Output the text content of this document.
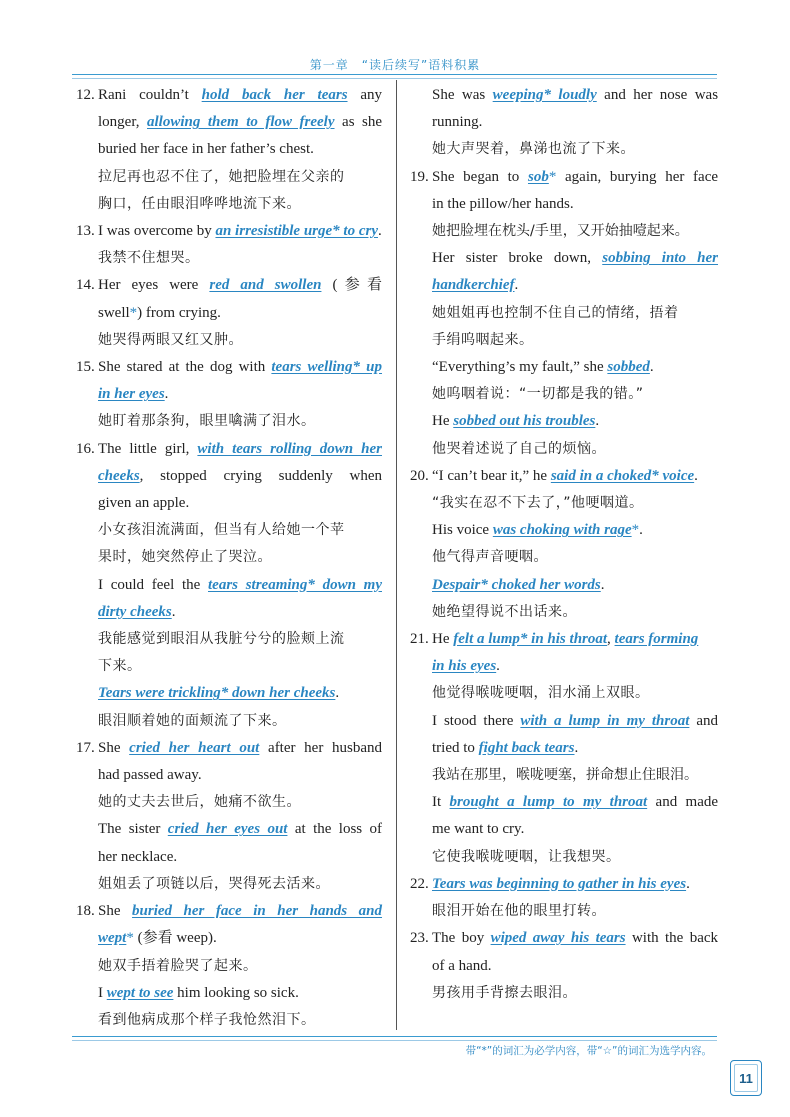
第一章　“读后续写”语料积累
12. Rani couldn’t hold back her tears any
longer, allowing them to flow freely as she
buried her face in her father’s chest.
拉尼再也忍不住了，她把脸埋在父亲的
胸口，任由眼泪哗哗地流下来。
13. I was overcome by an irresistible urge* to cry.
我禁不住想哭。
14. Her eyes were red and swollen (参看
swell*) from crying.
她哭得两眼又红又肿。
15. She stared at the dog with tears welling* up
in her eyes.
她盯着那条狗，眼里噙满了泪水。
16. The little girl, with tears rolling down her
cheeks, stopped crying suddenly when
given an apple.
小女孩泪流满面，但当有人给她一个苹
果时，她突然停止了哭泣。
I could feel the tears streaming* down my
dirty cheeks.
我能感觉到眼泪从我脏兮兮的脸颊上流
下来。
Tears were trickling* down her cheeks.
眼泪顺着她的面颊流了下来。
17. She cried her heart out after her husband
had passed away.
她的丈夫去世后，她痛不欲生。
The sister cried her eyes out at the loss of
her necklace.
姐姐丢了项链以后，哭得死去活来。
18. She buried her face in her hands and
wept* (参看 weep).
她双手捂着脸哭了起来。
I wept to see him looking so sick.
看到他病成那个样子我怆然泪下。
She was weeping* loudly and her nose was
running.
她大声哭着，鼻涕也流了下来。
19. She began to sob* again, burying her face
in the pillow/her hands.
她把脸埋在枕头/手里，又开始抽噎起来。
Her sister broke down, sobbing into her
handkerchief.
她姐姐再也控制不住自己的情绪，捂着
手绢呜咽起来。
“Everything’s my fault,” she sobbed.
她呜咽着说：“一切都是我的错。”
He sobbed out his troubles.
他哭着述说了自己的烦恼。
20. “I can’t bear it,” he said in a choked* voice.
“我实在忍不下去了，”他哽咽道。
His voice was choking with rage*.
他气得声音哽咽。
Despair* choked her words.
她绝望得说不出话来。
21. He felt a lump* in his throat, tears forming
in his eyes.
他觉得喉咙哽咽，泪水涌上双眼。
I stood there with a lump in my throat and
tried to fight back tears.
我站在那里，喉咙哽塞，拼命想止住眼泪。
It brought a lump to my throat and made
me want to cry.
它使我喉咙哽咽，让我想哭。
22. Tears was beginning to gather in his eyes.
眼泪开始在他的眼里打转。
23. The boy wiped away his tears with the back
of a hand.
男孩用手背擦去眼泪。
带“*”的词汇为必学内容，带“☆”的词汇为选学内容。
11
